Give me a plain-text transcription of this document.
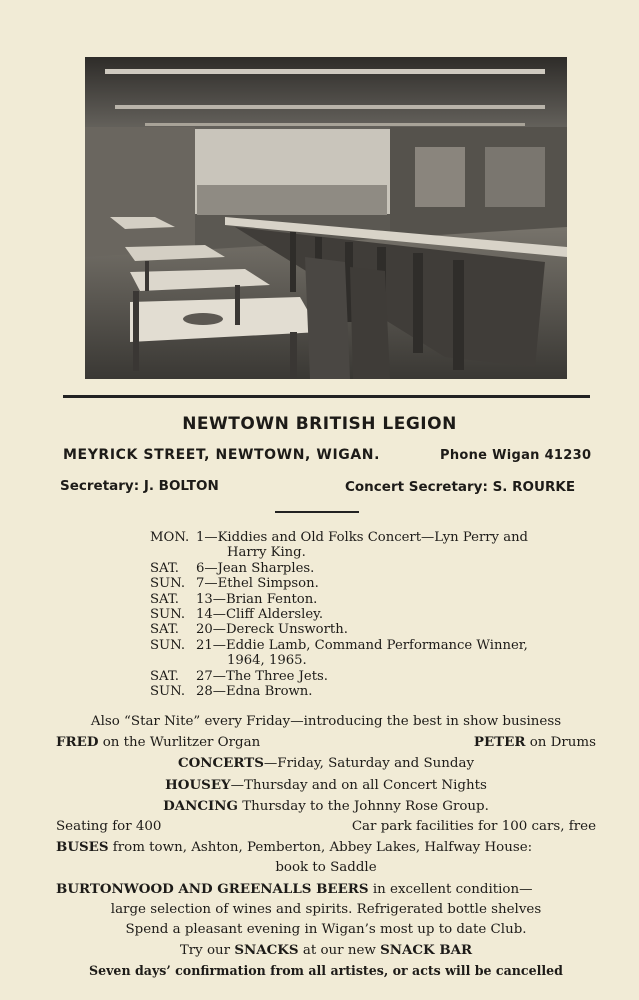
NEWTOWN BRITISH LEGION
MEYRICK STREET, NEWTOWN, WIGAN.	Phone Wigan 41230
Secretary: J. BOLTON	Concert Secretary: S. ROURKE
MON. 1—Kiddies and Old Folks Concert—Lyn Perry and
Harry King.
SAT.	6—Jean Sharples.
SUN. 7—Ethel Simpson.
SAT.	13—Brian Fenton.
SUN. 14—Cliff Aldersley.
SAT.	20—Dereck Unsworth.
SUN. 21—Eddie Lamb, Command Performance Winner,
1964, 1965.
SAT.	27—The Three Jets.
SUN. 28—Edna Brown.
Also “Star Nite” every Friday—introducing the best in show business
FRED on the Wurlitzer Organ	PETER on Drums
CONCERTS—Friday, Saturday and Sunday
HOUSEY—Thursday and on all Concert Nights
DANCING Thursday to the Johnny Rose Group.
Seating for 400	Car park facilities for 100 cars, free
BUSES from town, Ashton, Pemberton, Abbey Lakes, Halfway House:
book to Saddle
BURTONWOOD AND GREENALLS BEERS in excellent condition—
large selection of wines and spirits. Refrigerated bottle shelves
Spend a pleasant evening in Wigan’s most up to date Club.
Try our SNACKS at our new SNACK BAR
Seven days’ confirmation from all artistes, or acts will be cancelled
